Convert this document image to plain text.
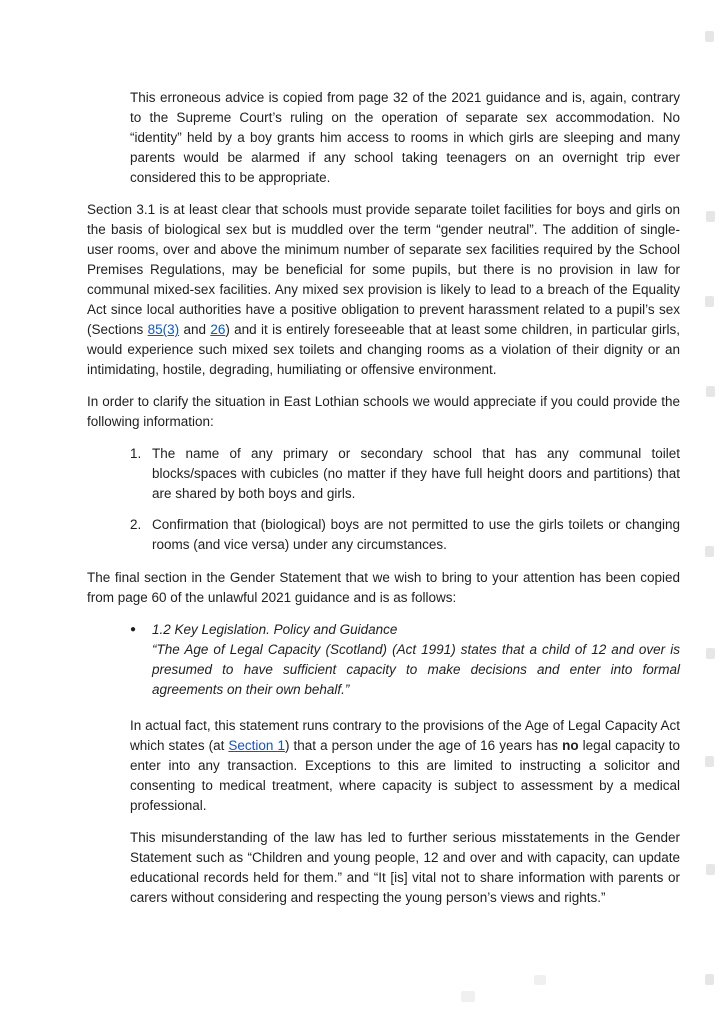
This erroneous advice is copied from page 32 of the 2021 guidance and is, again, contrary to the Supreme Court’s ruling on the operation of separate sex accommodation. No “identity” held by a boy grants him access to rooms in which girls are sleeping and many parents would be alarmed if any school taking teenagers on an overnight trip ever considered this to be appropriate.

Section 3.1 is at least clear that schools must provide separate toilet facilities for boys and girls on the basis of biological sex but is muddled over the term “gender neutral”. The addition of single-user rooms, over and above the minimum number of separate sex facilities required by the School Premises Regulations, may be beneficial for some pupils, but there is no provision in law for communal mixed-sex facilities. Any mixed sex provision is likely to lead to a breach of the Equality Act since local authorities have a positive obligation to prevent harassment related to a pupil’s sex (Sections 85(3) and 26) and it is entirely foreseeable that at least some children, in particular girls, would experience such mixed sex toilets and changing rooms as a violation of their dignity or an intimidating, hostile, degrading, humiliating or offensive environment.

In order to clarify the situation in East Lothian schools we would appreciate if you could provide the following information:

1. The name of any primary or secondary school that has any communal toilet blocks/spaces with cubicles (no matter if they have full height doors and partitions) that are shared by both boys and girls.
2. Confirmation that (biological) boys are not permitted to use the girls toilets or changing rooms (and vice versa) under any circumstances.

The final section in the Gender Statement that we wish to bring to your attention has been copied from page 60 of the unlawful 2021 guidance and is as follows:

●	1.2 Key Legislation. Policy and Guidance
“The Age of Legal Capacity (Scotland) (Act 1991) states that a child of 12 and over is presumed to have sufficient capacity to make decisions and enter into formal agreements on their own behalf.”

In actual fact, this statement runs contrary to the provisions of the Age of Legal Capacity Act which states (at Section 1) that a person under the age of 16 years has no legal capacity to enter into any transaction. Exceptions to this are limited to instructing a solicitor and consenting to medical treatment, where capacity is subject to assessment by a medical professional.

This misunderstanding of the law has led to further serious misstatements in the Gender Statement such as “Children and young people, 12 and over and with capacity, can update educational records held for them.” and “It [is] vital not to share information with parents or carers without considering and respecting the young person’s views and rights.”
